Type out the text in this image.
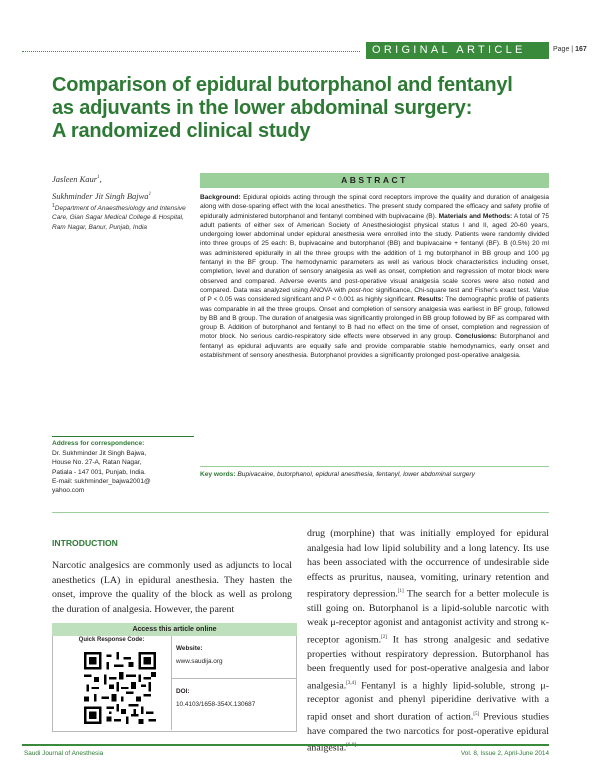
ORIGINAL ARTICLE	Page | 167
Comparison of epidural butorphanol and fentanyl
as adjuvants in the lower abdominal surgery:
A randomized clinical study
Jasleen Kaur$^1$,
Sukhminder Jit Singh Bajwa$^1$
$^1$Department of Anaesthesiology and Intensive Care, Gian Sagar Medical College & Hospital, Ram Nagar, Banur, Punjab, India
ABSTRACT
Background: Epidural opioids acting through the spinal cord receptors improve the quality and duration of analgesia along with dose-sparing effect with the local anesthetics. The present study compared the efficacy and safety profile of epidurally administered butorphanol and fentanyl combined with bupivacaine (B). Materials and Methods: A total of 75 adult patients of either sex of American Society of Anesthesiologist physical status I and II, aged 20-60 years, undergoing lower abdominal under epidural anesthesia were enrolled into the study. Patients were randomly divided into three groups of 25 each: B, bupivacaine and butorphanol (BB) and bupivacaine + fentanyl (BF). B (0.5%) 20 ml was administered epidurally in all the three groups with the addition of 1 mg butorphanol in BB group and 100 μg fentanyl in the BF group. The hemodynamic parameters as well as various block characteristics including onset, completion, level and duration of sensory analgesia as well as onset, completion and regression of motor block were observed and compared. Adverse events and post-operative visual analgesia scale scores were also noted and compared. Data was analyzed using ANOVA with post-hoc significance, Chi-square test and Fisher's exact test. Value of P < 0.05 was considered significant and P < 0.001 as highly significant. Results: The demographic profile of patients was comparable in all the three groups. Onset and completion of sensory analgesia was earliest in BF group, followed by BB and B group. The duration of analgesia was significantly prolonged in BB group followed by BF as compared with group B. Addition of butorphanol and fentanyl to B had no effect on the time of onset, completion and regression of motor block. No serious cardio-respiratory side effects were observed in any group. Conclusions: Butorphanol and fentanyl as epidural adjuvants are equally safe and provide comparable stable hemodynamics, early onset and establishment of sensory anesthesia. Butorphanol provides a significantly prolonged post-operative analgesia.
Key words: Bupivacaine, butorphanol, epidural anesthesia, fentanyl, lower abdominal surgery
Address for correspondence:
Dr. Sukhminder Jit Singh Bajwa,
House No. 27-A, Ratan Nagar,
Patiala - 147 001, Punjab, India.
E-mail: sukhminder_bajwa2001@
yahoo.com
INTRODUCTION
Narcotic analgesics are commonly used as adjuncts to local anesthetics (LA) in epidural anesthesia. They hasten the onset, improve the quality of the block as well as prolong the duration of analgesia. However, the parent
drug (morphine) that was initially employed for epidural analgesia had low lipid solubility and a long latency. Its use has been associated with the occurrence of undesirable side effects as pruritus, nausea, vomiting, urinary retention and respiratory depression.[1] The search for a better molecule is still going on. Butorphanol is a lipid-soluble narcotic with weak μ-receptor agonist and antagonist activity and strong κ-receptor agonism.[2] It has strong analgesic and sedative properties without respiratory depression. Butorphanol has been frequently used for post-operative analgesia and labor analgesia.[3,4] Fentanyl is a highly lipid-soluble, strong μ-receptor agonist and phenyl piperidine derivative with a rapid onset and short duration of action.[5] Previous studies have compared the two narcotics for post-operative epidural analgesia.[6-8]
Access this article online
Quick Response Code:
Website:
www.saudija.org
DOI:
10.4103/1658-354X.130687
Saudi Journal of Anesthesia	Vol. 8, Issue 2, April-June 2014
